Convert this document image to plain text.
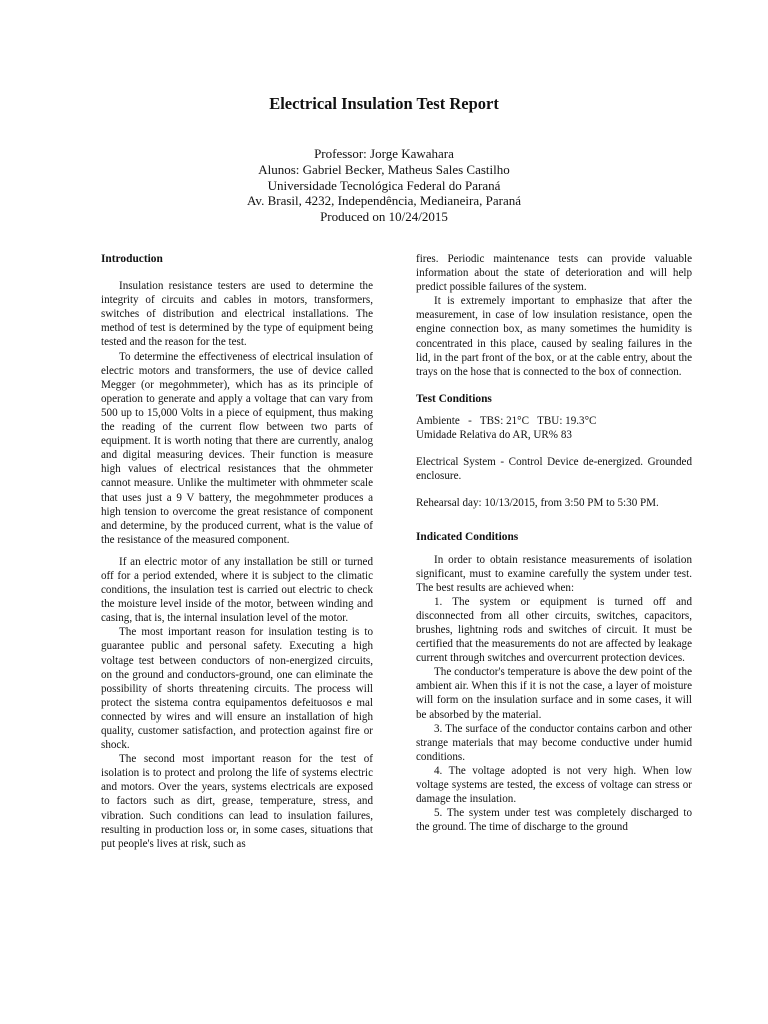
Electrical Insulation Test Report
Professor: Jorge Kawahara
Alunos: Gabriel Becker, Matheus Sales Castilho
Universidade Tecnológica Federal do Paraná
Av. Brasil, 4232, Independência, Medianeira, Paraná
Produced on 10/24/2015

Introduction

Insulation resistance testers are used to determine the integrity of circuits and cables in motors, transformers, switches of distribution and electrical installations. The method of test is determined by the type of equipment being tested and the reason for the test.

To determine the effectiveness of electrical insulation of electric motors and transformers, the use of device called Megger (or megohmmeter), which has as its principle of operation to generate and apply a voltage that can vary from 500 up to 15,000 Volts in a piece of equipment, thus making the reading of the current flow between two parts of equipment. It is worth noting that there are currently, analog and digital measuring devices. Their function is measure high values of electrical resistances that the ohmmeter cannot measure. Unlike the multimeter with ohmmeter scale that uses just a 9 V battery, the megohmmeter produces a high tension to overcome the great resistance of component and determine, by the produced current, what is the value of the resistance of the measured component.

If an electric motor of any installation be still or turned off for a period extended, where it is subject to the climatic conditions, the insulation test is carried out electric to check the moisture level inside of the motor, between winding and casing, that is, the internal insulation level of the motor.

The most important reason for insulation testing is to guarantee public and personal safety. Executing a high voltage test between conductors of non-energized circuits, on the ground and conductors-ground, one can eliminate the possibility of shorts threatening circuits. The process will protect the sistema contra equipamentos defeituosos e mal connected by wires and will ensure an installation of high quality, customer satisfaction, and protection against fire or shock.

The second most important reason for the test of isolation is to protect and prolong the life of systems electric and motors. Over the years, systems electricals are exposed to factors such as dirt, grease, temperature, stress, and vibration. Such conditions can lead to insulation failures, resulting in production loss or, in some cases, situations that put people's lives at risk, such as

fires. Periodic maintenance tests can provide valuable information about the state of deterioration and will help predict possible failures of the system.

It is extremely important to emphasize that after the measurement, in case of low insulation resistance, open the engine connection box, as many sometimes the humidity is concentrated in this place, caused by sealing failures in the lid, in the part front of the box, or at the cable entry, about the trays on the hose that is connected to the box of connection.

Test Conditions

Ambiente   -   TBS: 21°C   TBU: 19.3°C

Umidade Relativa do AR, UR% 83

Electrical System - Control Device de-energized. Grounded enclosure.

Rehearsal day: 10/13/2015, from 3:50 PM to 5:30 PM.

Indicated Conditions

In order to obtain resistance measurements of isolation significant, must to examine carefully the system under test. The best results are achieved when:

1. The system or equipment is turned off and disconnected from all other circuits, switches, capacitors, brushes, lightning rods and switches of circuit. It must be certified that the measurements do not are affected by leakage current through switches and overcurrent protection devices.

The conductor's temperature is above the dew point of the ambient air. When this if it is not the case, a layer of moisture will form on the insulation surface and in some cases, it will be absorbed by the material.

3. The surface of the conductor contains carbon and other strange materials that may become conductive under humid conditions.

4. The voltage adopted is not very high. When low voltage systems are tested, the excess of voltage can stress or damage the insulation.

5. The system under test was completely discharged to the ground. The time of discharge to the ground
